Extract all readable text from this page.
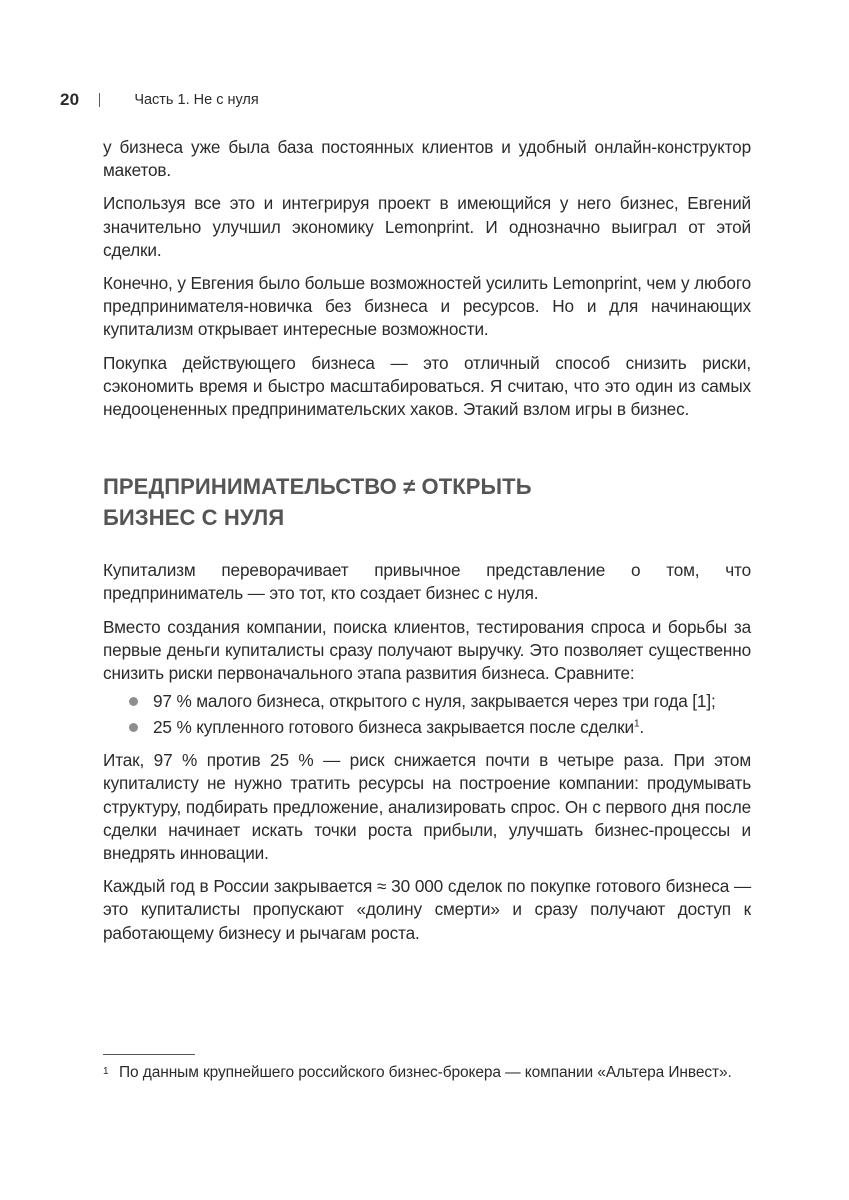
20	Часть 1. Не с нуля

у бизнеса уже была база постоянных клиентов и удобный онлайн-конструктор макетов.

Используя все это и интегрируя проект в имеющийся у него бизнес, Евгений значительно улучшил экономику Lemonprint. И однозначно выиграл от этой сделки.

Конечно, у Евгения было больше возможностей усилить Lemonprint, чем у любого предпринимателя-новичка без бизнеса и ресурсов. Но и для начинающих купитализм открывает интересные возможности.

Покупка действующего бизнеса — это отличный способ снизить риски, сэкономить время и быстро масштабироваться. Я считаю, что это один из самых недооцененных предпринимательских хаков. Этакий взлом игры в бизнес.

ПРЕДПРИНИМАТЕЛЬСТВО ≠ ОТКРЫТЬ
БИЗНЕС С НУЛЯ

Купитализм переворачивает привычное представление о том, что предприниматель — это тот, кто создает бизнес с нуля.

Вместо создания компании, поиска клиентов, тестирования спроса и борьбы за первые деньги купиталисты сразу получают выручку. Это позволяет существенно снизить риски первоначального этапа развития бизнеса. Сравните:

97 % малого бизнеса, открытого с нуля, закрывается через три года [1];
25 % купленного готового бизнеса закрывается после сделки$^1$.

Итак, 97 % против 25 % — риск снижается почти в четыре раза. При этом купиталисту не нужно тратить ресурсы на построение компании: продумывать структуру, подбирать предложение, анализировать спрос. Он с первого дня после сделки начинает искать точки роста прибыли, улучшать бизнес-процессы и внедрять инновации.

Каждый год в России закрывается ≈ 30 000 сделок по покупке готового бизнеса — это купиталисты пропускают «долину смерти» и сразу получают доступ к работающему бизнесу и рычагам роста.

1 По данным крупнейшего российского бизнес-брокера — компании «Альтера Инвест».
